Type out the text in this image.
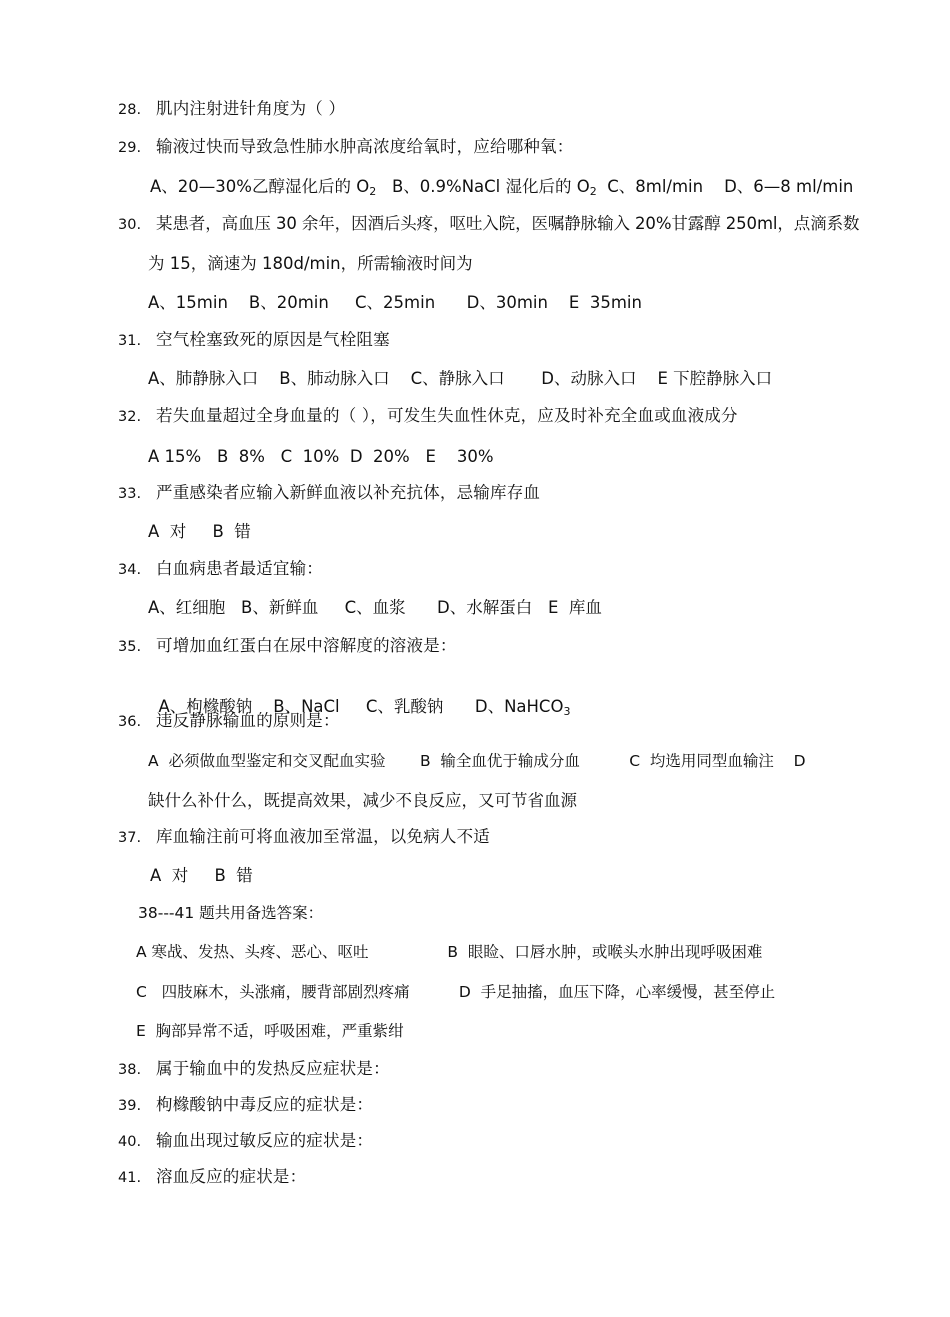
28. 肌内注射进针角度为（ ）
29. 输液过快而导致急性肺水肿高浓度给氧时，应给哪种氧：
A、20—30%乙醇湿化后的 $O_2$ B、0.9%NaCl 湿化后的 $O_2$ C、8ml/min D、6—8 ml/min
30. 某患者，高血压 30 余年，因酒后头疼，呕吐入院，医嘱静脉输入 20%甘露醇 250ml，点滴系数
为 15，滴速为 180d/min，所需输液时间为
A、15min    B、20min     C、25min      D、30min    E  35min
31. 空气栓塞致死的原因是气栓阻塞
A、肺静脉入口    B、肺动脉入口    C、静脉入口       D、动脉入口    E 下腔静脉入口
32. 若失血量超过全身血量的（ ），可发生失血性休克，应及时补充全血或血液成分
A 15%   B  8%   C  10%  D  20%   E    30%
33. 严重感染者应输入新鲜血液以补充抗体，忌输库存血
A  对     B  错
34. 白血病患者最适宜输：
A、红细胞   B、新鲜血     C、血浆      D、水解蛋白   E  库血
35. 可增加血红蛋白在尿中溶解度的溶液是：

A、枸橼酸钠    B、NaCl     C、乳酸钠      D、NaHCO$_3$

36. 违反静脉输血的原则是：
A  必须做血型鉴定和交叉配血实验       B  输全血优于输成分血          C  均选用同型血输注    D
缺什么补什么，既提高效果，减少不良反应，又可节省血源
37. 库血输注前可将血液加至常温，以免病人不适
A  对     B  错
38---41 题共用备选答案：
A 寒战、发热、头疼、恶心、呕吐                B  眼睑、口唇水肿，或喉头水肿出现呼吸困难
C   四肢麻木，头涨痛，腰背部剧烈疼痛          D  手足抽搐，血压下降，心率缓慢，甚至停止
E  胸部异常不适，呼吸困难，严重紫绀
38. 属于输血中的发热反应症状是：
39. 枸橼酸钠中毒反应的症状是：
40. 输血出现过敏反应的症状是：
41. 溶血反应的症状是：
